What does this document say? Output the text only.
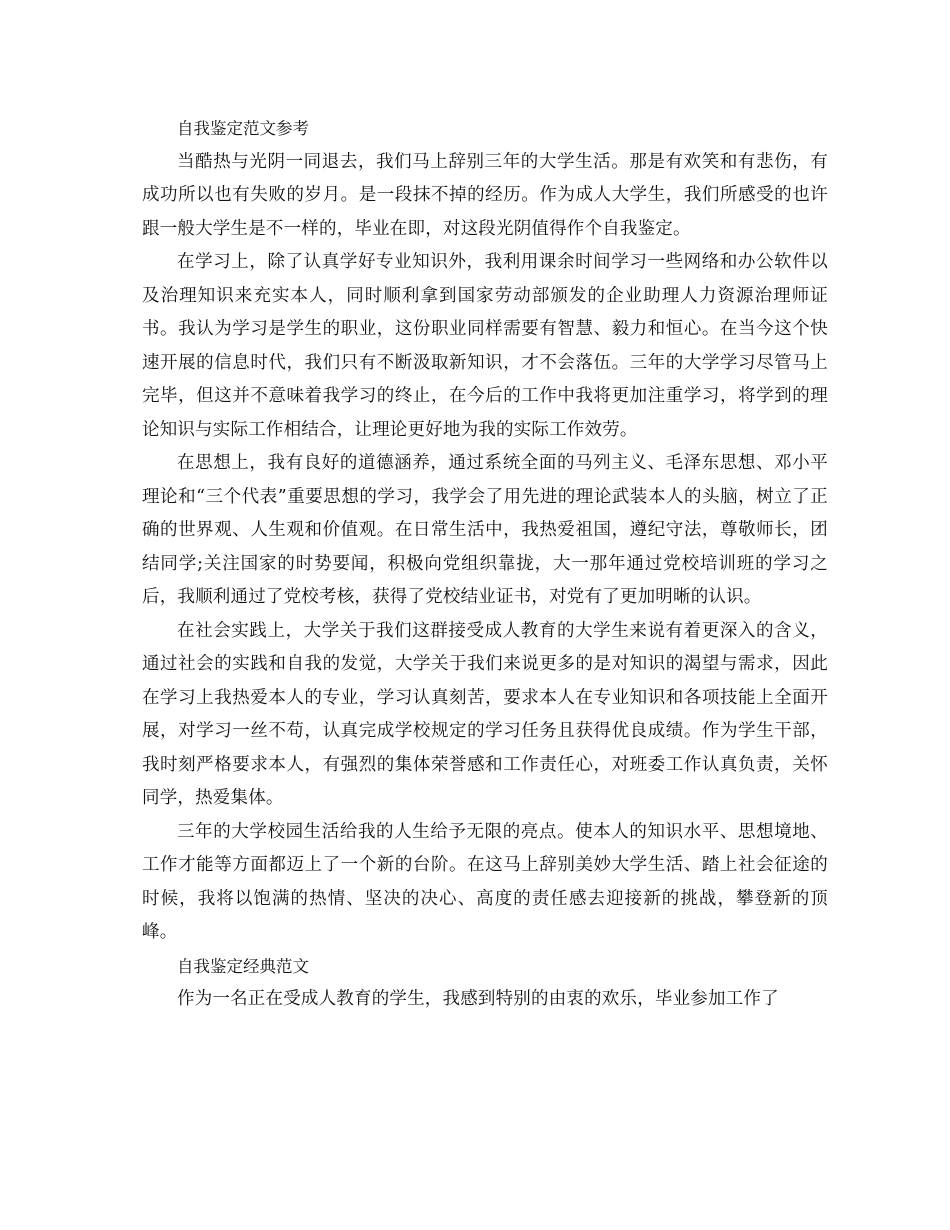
自我鉴定范文参考

当酷热与光阴一同退去，我们马上辞别三年的大学生活。那是有欢笑和有悲伤，有成功所以也有失败的岁月。是一段抹不掉的经历。作为成人大学生，我们所感受的也许跟一般大学生是不一样的，毕业在即，对这段光阴值得作个自我鉴定。

在学习上，除了认真学好专业知识外，我利用课余时间学习一些网络和办公软件以及治理知识来充实本人，同时顺利拿到国家劳动部颁发的企业助理人力资源治理师证书。我认为学习是学生的职业，这份职业同样需要有智慧、毅力和恒心。在当今这个快速开展的信息时代，我们只有不断汲取新知识，才不会落伍。三年的大学学习尽管马上完毕，但这并不意味着我学习的终止，在今后的工作中我将更加注重学习，将学到的理论知识与实际工作相结合，让理论更好地为我的实际工作效劳。

在思想上，我有良好的道德涵养，通过系统全面的马列主义、毛泽东思想、邓小平理论和“三个代表”重要思想的学习，我学会了用先进的理论武装本人的头脑，树立了正确的世界观、人生观和价值观。在日常生活中，我热爱祖国，遵纪守法，尊敬师长，团结同学;关注国家的时势要闻，积极向党组织靠拢，大一那年通过党校培训班的学习之后，我顺利通过了党校考核，获得了党校结业证书，对党有了更加明晰的认识。

在社会实践上，大学关于我们这群接受成人教育的大学生来说有着更深入的含义，通过社会的实践和自我的发觉，大学关于我们来说更多的是对知识的渴望与需求，因此在学习上我热爱本人的专业，学习认真刻苦，要求本人在专业知识和各项技能上全面开展，对学习一丝不苟，认真完成学校规定的学习任务且获得优良成绩。作为学生干部，我时刻严格要求本人，有强烈的集体荣誉感和工作责任心，对班委工作认真负责，关怀同学，热爱集体。

三年的大学校园生活给我的人生给予无限的亮点。使本人的知识水平、思想境地、工作才能等方面都迈上了一个新的台阶。在这马上辞别美妙大学生活、踏上社会征途的时候，我将以饱满的热情、坚决的决心、高度的责任感去迎接新的挑战，攀登新的顶峰。

自我鉴定经典范文

作为一名正在受成人教育的学生，我感到特别的由衷的欢乐，毕业参加工作了
